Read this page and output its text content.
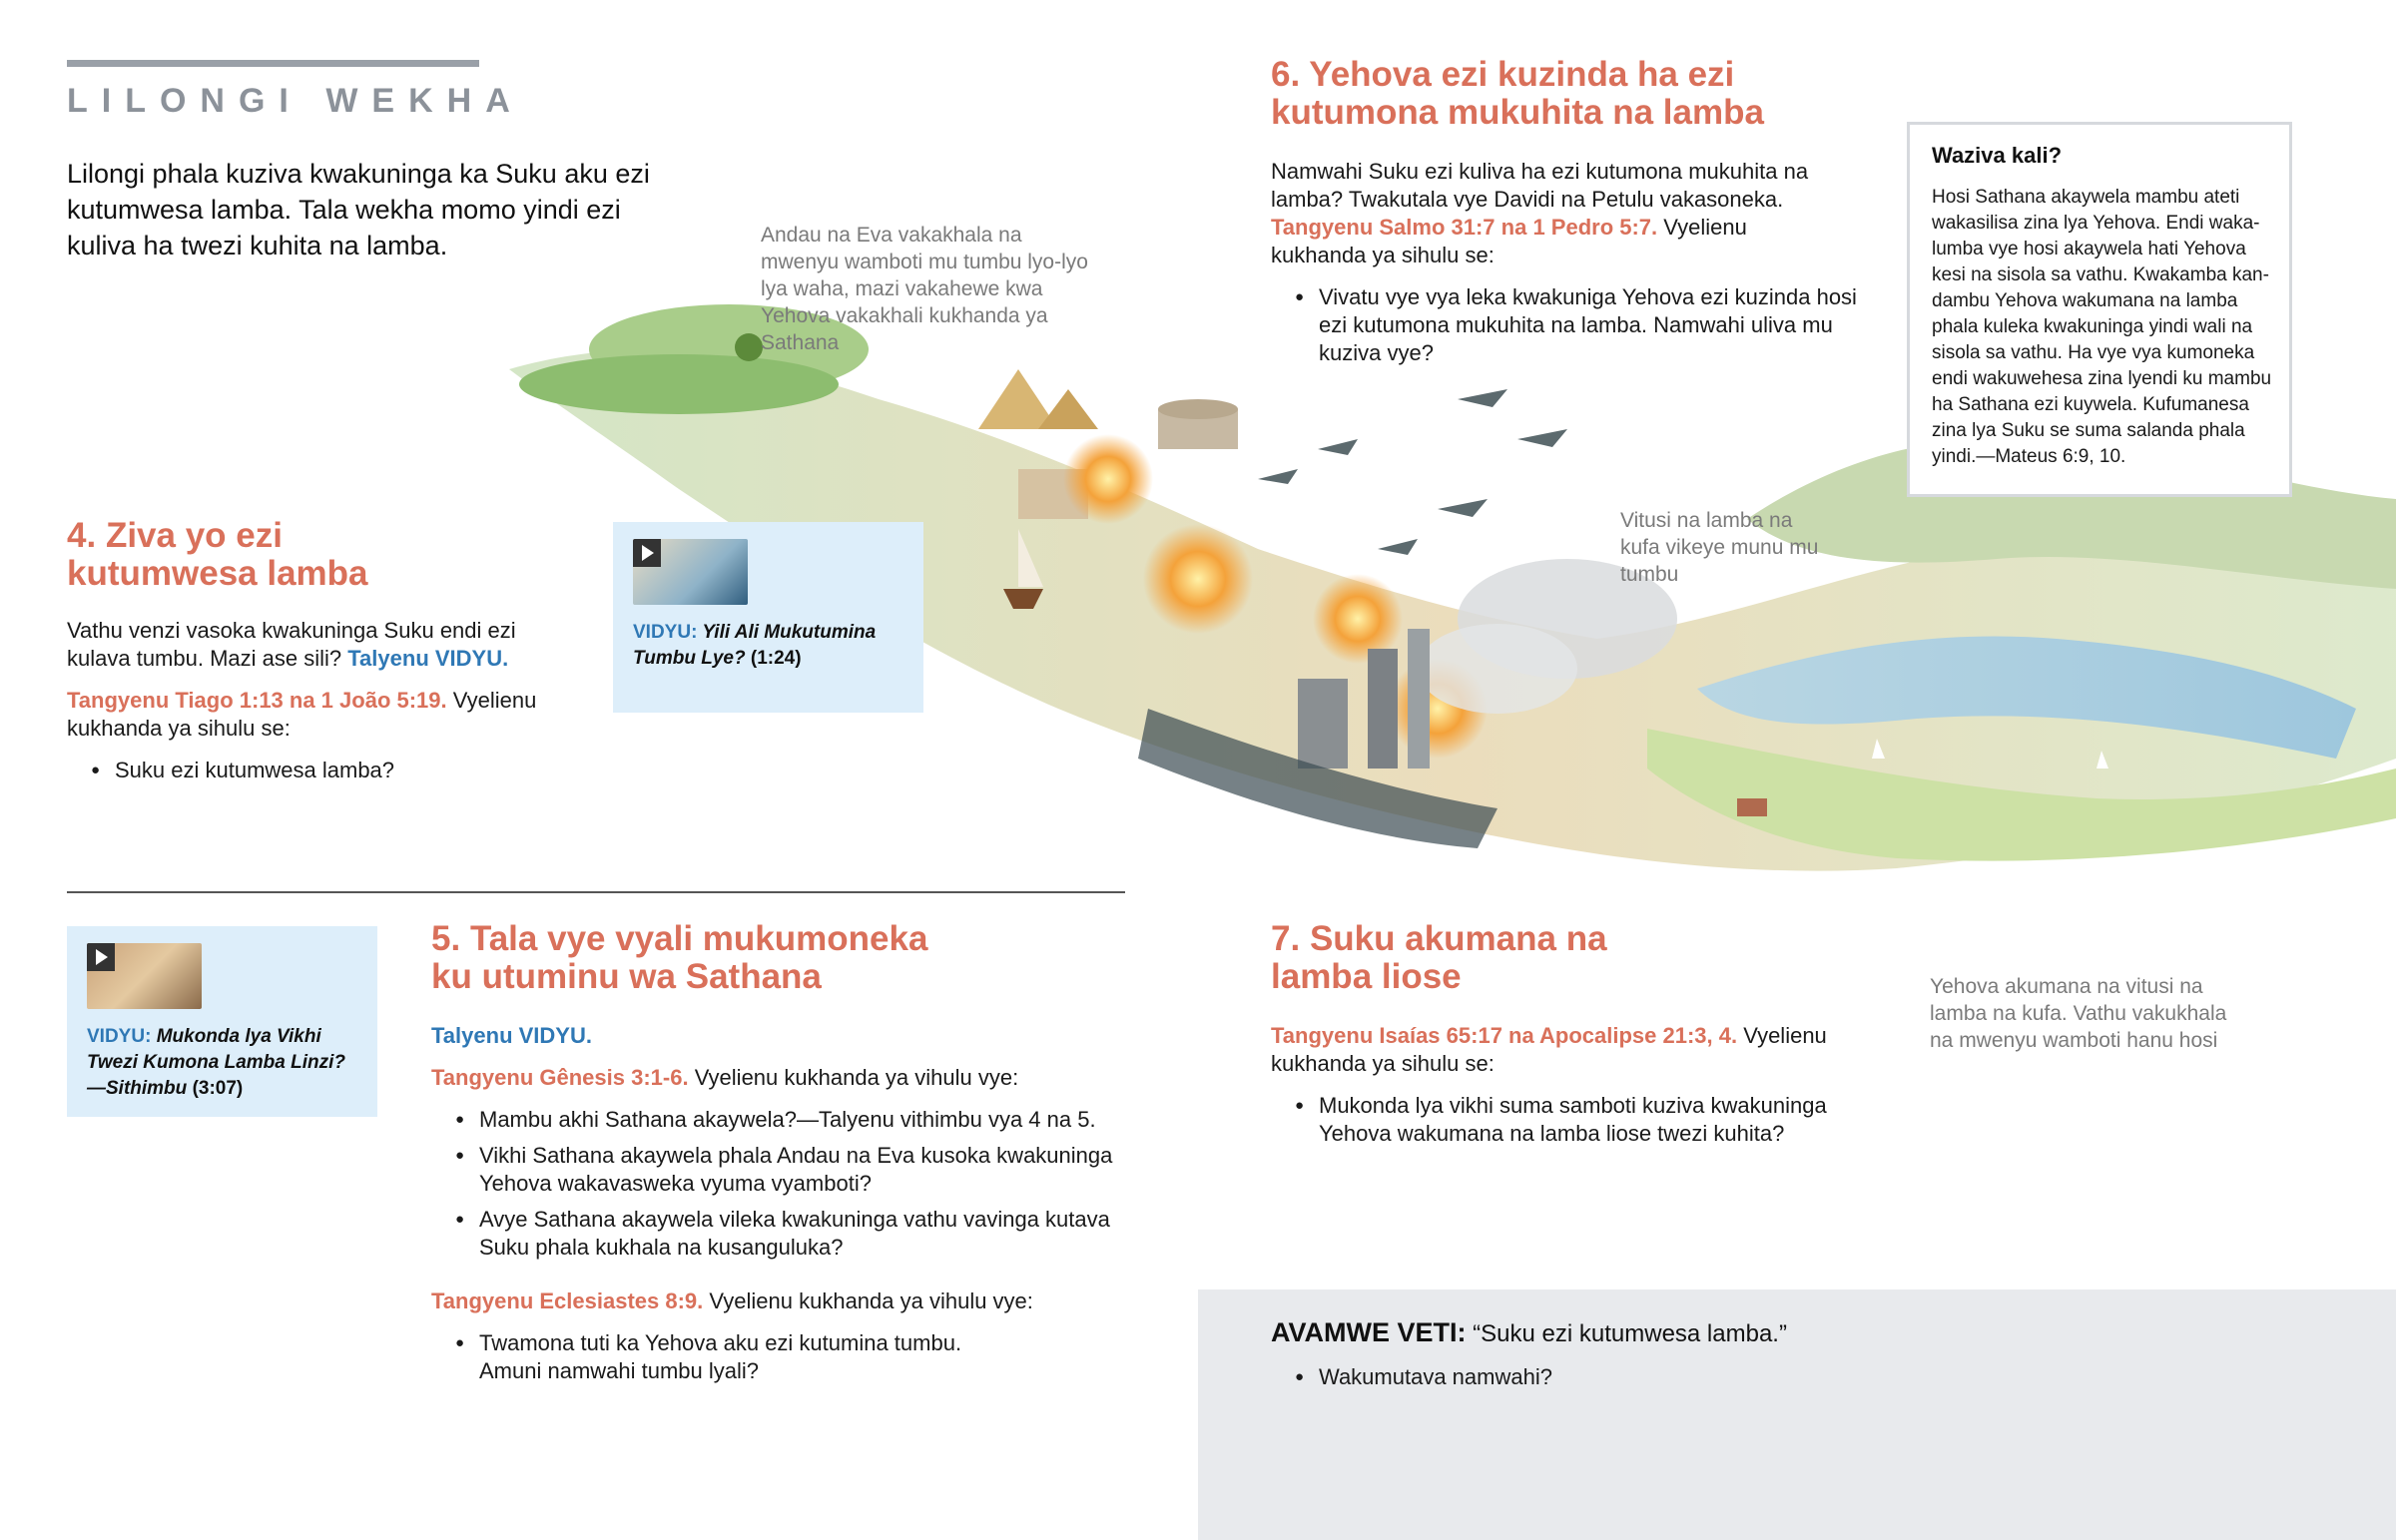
LILONGI WEKHA
Lilongi phala kuziva kwakuninga ka Suku aku ezi kutumwesa lamba. Tala wekha momo yindi ezi kuliva ha twezi kuhita na lamba.	Andau na Eva vakakhala na mwenyu wamboti mu tumbu lyo-lyo lya waha, mazi vakahewe kwa Yehova vakakhali kukhanda ya Sathana
Vitusi na lamba na kufa vikeye munu mu tumbu
Yehova akumana na vitusi na lamba na kufa. Vathu vakukhala na mwenyu wamboti hanu hosi
4. Ziva yo ezi kutumwesa lamba

Vathu venzi vasoka kwakuninga Suku endi ezi kulava tumbu. Mazi ase sili? Talyenu VIDYU.

Tangyenu Tiago 1:13 na 1 João 5:19. Vyelienu kukhanda ya sihulu se:

● Suku ezi kutumwesa lamba?
VIDYU: Yili Ali Mukutumina Tumbu Lye? (1:24)
VIDYU: Mukonda lya Vikhi Twezi Kumona Lamba Linzi?
—Sithimbu (3:07)
5. Tala vye vyali mukumoneka ku utuminu wa Sathana

Talyenu VIDYU.

Tangyenu Gênesis 3:1-6. Vyelienu kukhanda ya vihulu vye:

● Mambu akhi Sathana akaywela?—Talyenu vithimbu vya 4 na 5.
● Vikhi Sathana akaywela phala Andau na Eva kusoka kwakuninga Yehova wakavasweka vyuma vyamboti?
● Avye Sathana akaywela vileka kwakuninga vathu vavinga kutava Suku phala kukhala na kusanguluka?

Tangyenu Eclesiastes 8:9. Vyelienu kukhanda ya vihulu vye:

● Twamona tuti ka Yehova aku ezi kutumina tumbu. Amuni namwahi tumbu lyali?
6. Yehova ezi kuzinda ha ezi kutumona mukuhita na lamba

Namwahi Suku ezi kuliva ha ezi kutumona mukuhita na lamba? Twakutala vye Davidi na Petulu vakasoneka. Tangyenu Salmo 31:7 na 1 Pedro 5:7. Vyelienu kukhanda ya sihulu se:

● Vivatu vye vya leka kwakuniga Yehova ezi kuzinda hosi ezi kutumona mukuhita na lamba. Namwahi uliva mu kuziva vye?
Waziva kali?
Hosi Sathana akaywela mambu ateti wakasilisa zina lya Yehova. Endi waka-lumba vye hosi akaywela hati Yehova kesi na sisola sa vathu. Kwakamba kan-dambu Yehova wakumana na lamba phala kuleka kwakuninga yindi wali na sisola sa vathu. Ha vye vya kumoneka endi wakuwehesa zina lyendi ku mambu ha Sathana ezi kuywela. Kufumanesa zina lya Suku se suma salanda phala yindi.—Mateus 6:9, 10.
7. Suku akumana na lamba liose

Tangyenu Isaías 65:17 na Apocalipse 21:3, 4. Vyelienu kukhanda ya sihulu se:

● Mukonda lya vikhi suma samboti kuziva kwakuninga Yehova wakumana na lamba liose twezi kuhita?
AVAMWE VETI: “Suku ezi kutumwesa lamba.”
● Wakumutava namwahi?
